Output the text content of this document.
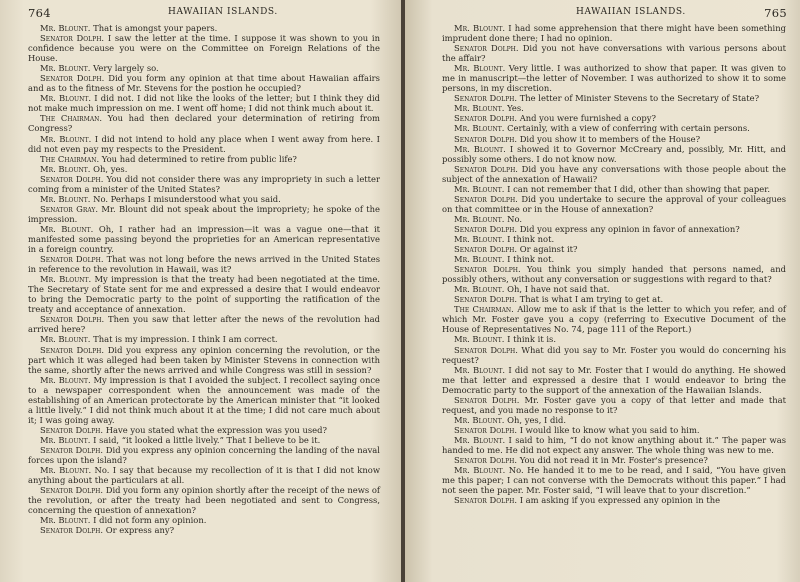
764	HAWAIIAN ISLANDS.

Mr. Blount. That is amongst your papers.

Senator Dolph. I saw the letter at the time. I suppose it was shown to you in confidence because you were on the Committee on Foreign Relations of the House.

Mr. Blount. Very largely so.

Senator Dolph. Did you form any opinion at that time about Hawaiian affairs and as to the fitness of Mr. Stevens for the postion he occupied?

Mr. Blount. I did not. I did not like the looks of the letter; but I think they did not make much impression on me. I went off home; I did not think much about it.

The Chairman. You had then declared your determination of retiring from Congress?

Mr. Blount. I did not intend to hold any place when I went away from here. I did not even pay my respects to the President.

The Chairman. You had determined to retire from public life?

Mr. Blount. Oh, yes.

Senator Dolph. You did not consider there was any impropriety in such a letter coming from a minister of the United States?

Mr. Blount. No. Perhaps I misunderstood what you said.

Senator Gray. Mr. Blount did not speak about the impropriety; he spoke of the impression.

Mr. Blount. Oh, I rather had an impression—it was a vague one—that it manifested some passing beyond the proprieties for an American representative in a foreign country.

Senator Dolph. That was not long before the news arrived in the United States in reference to the revolution in Hawaii, was it?

Mr. Blount. My impression is that the treaty had been negotiated at the time. The Secretary of State sent for me and expressed a desire that I would endeavor to bring the Democratic party to the point of supporting the ratification of the treaty and acceptance of annexation.

Senator Dolph. Then you saw that letter after the news of the revolution had arrived here?

Mr. Blount. That is my impression. I think I am correct.

Senator Dolph. Did you express any opinion concerning the revolution, or the part which it was alleged had been taken by Minister Stevens in connection with the same, shortly after the news arrived and while Congress was still in session?

Mr. Blount. My impression is that I avoided the subject. I recollect saying once to a newspaper correspondent when the announcement was made of the establishing of an American protectorate by the American minister that “it looked a little lively.” I did not think much about it at the time; I did not care much about it; I was going away.

Senator Dolph. Have you stated what the expression was you used?

Mr. Blount. I said, “it looked a little lively.” That I believe to be it.

Senator Dolph. Did you express any opinion concerning the landing of the naval forces upon the island?

Mr. Blount. No. I say that because my recollection of it is that I did not know anything about the particulars at all.

Senator Dolph. Did you form any opinion shortly after the receipt of the news of the revolution, or after the treaty had been negotiated and sent to Congress, concerning the question of annexation?

Mr. Blount. I did not form any opinion.

Senator Dolph. Or express any?

HAWAIIAN ISLANDS.	765

Mr. Blount. I had some apprehension that there might have been something imprudent done there; I had no opinion.

Senator Dolph. Did you not have conversations with various persons about the affair?

Mr. Blount. Very little. I was authorized to show that paper. It was given to me in manuscript—the letter of November. I was authorized to show it to some persons, in my discretion.

Senator Dolph. The letter of Minister Stevens to the Secretary of State?

Mr. Blount. Yes.

Senator Dolph. And you were furnished a copy?

Mr. Blount. Certainly, with a view of conferring with certain persons.

Senator Dolph. Did you show it to members of the House?

Mr. Blount. I showed it to Governor McCreary and, possibly, Mr. Hitt, and possibly some others. I do not know now.

Senator Dolph. Did you have any conversations with those people about the subject of the annexation of Hawaii?

Mr. Blount. I can not remember that I did, other than showing that paper.

Senator Dolph. Did you undertake to secure the approval of your colleagues on that committee or in the House of annexation?

Mr. Blount. No.

Senator Dolph. Did you express any opinion in favor of annexation?

Mr. Blount. I think not.

Senator Dolph. Or against it?

Mr. Blount. I think not.

Senator Dolph. You think you simply handed that persons named, and possibly others, without any conversation or suggestions with regard to that?

Mr. Blount. Oh, I have not said that.

Senator Dolph. That is what I am trying to get at.

The Chairman. Allow me to ask if that is the letter to which you refer, and of which Mr. Foster gave you a copy (referring to Executive Document of the House of Representatives No. 74, page 111 of the Report.)

Mr. Blount. I think it is.

Senator Dolph. What did you say to Mr. Foster you would do concerning his request?

Mr. Blount. I did not say to Mr. Foster that I would do anything. He showed me that letter and expressed a desire that I would endeavor to bring the Democratic party to the support of the annexation of the Hawaiian Islands.

Senator Dolph. Mr. Foster gave you a copy of that letter and made that request, and you made no response to it?

Mr. Blount. Oh, yes, I did.

Senator Dolph. I would like to know what you said to him.

Mr. Blount. I said to him, “I do not know anything about it.” The paper was handed to me. He did not expect any answer. The whole thing was new to me.

Senator Dolph. You did not read it in Mr. Foster's presence?

Mr. Blount. No. He handed it to me to be read, and I said, “You have given me this paper; I can not converse with the Democrats without this paper.” I had not seen the paper. Mr. Foster said, “I will leave that to your discretion.”

Senator Dolph. I am asking if you expressed any opinion in the
